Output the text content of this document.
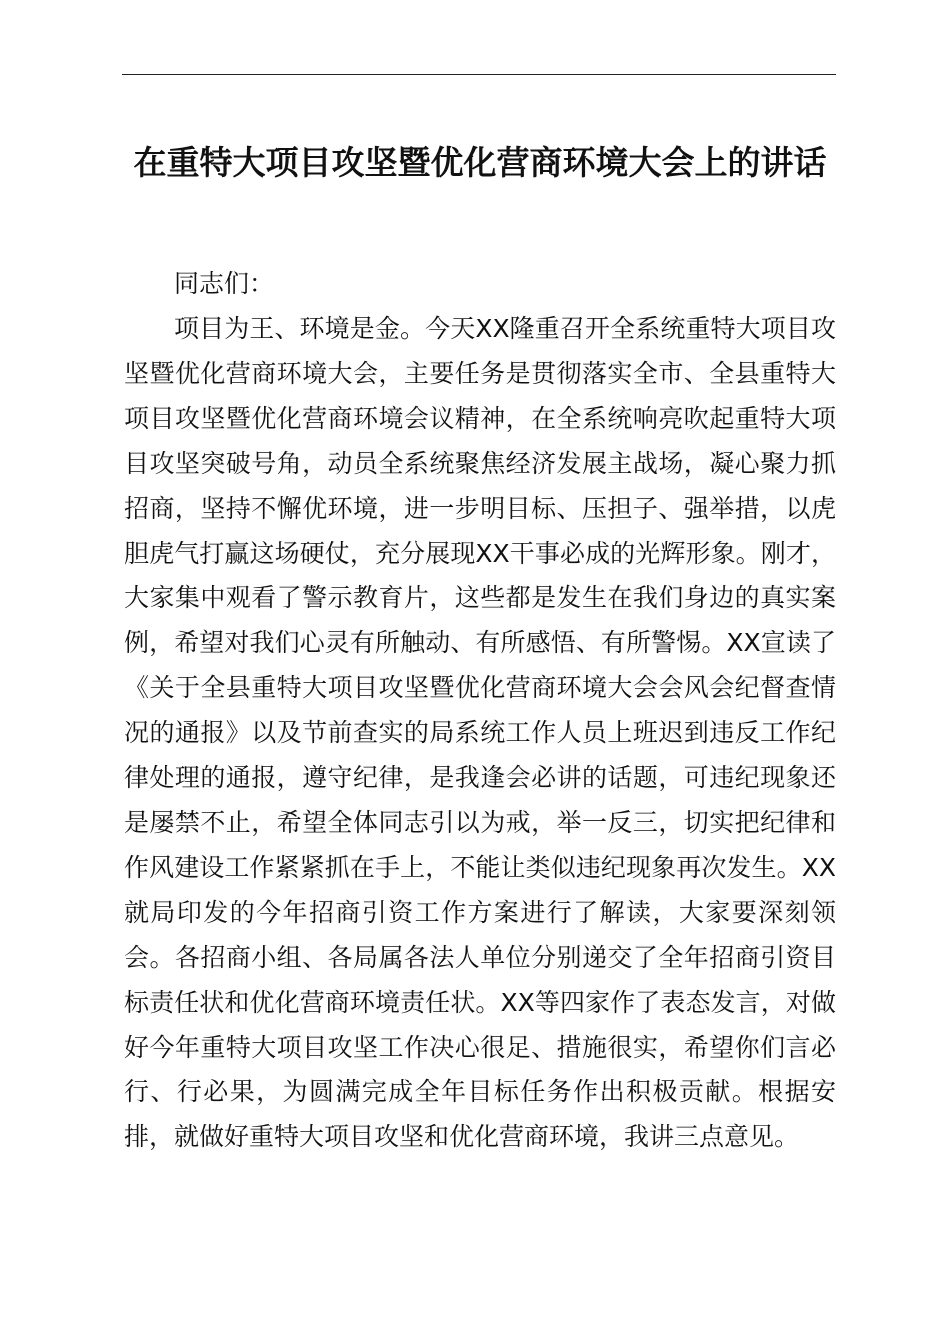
在重特大项目攻坚暨优化营商环境大会上的讲话

同志们：

项目为王、环境是金。今天XX隆重召开全系统重特大项目攻坚暨优化营商环境大会，主要任务是贯彻落实全市、全县重特大项目攻坚暨优化营商环境会议精神，在全系统响亮吹起重特大项目攻坚突破号角，动员全系统聚焦经济发展主战场，凝心聚力抓招商，坚持不懈优环境，进一步明目标、压担子、强举措，以虎胆虎气打赢这场硬仗，充分展现XX干事必成的光辉形象。刚才，大家集中观看了警示教育片，这些都是发生在我们身边的真实案例，希望对我们心灵有所触动、有所感悟、有所警惕。XX宣读了《关于全县重特大项目攻坚暨优化营商环境大会会风会纪督查情况的通报》以及节前查实的局系统工作人员上班迟到违反工作纪律处理的通报，遵守纪律，是我逢会必讲的话题，可违纪现象还是屡禁不止，希望全体同志引以为戒，举一反三，切实把纪律和作风建设工作紧紧抓在手上，不能让类似违纪现象再次发生。XX就局印发的今年招商引资工作方案进行了解读，大家要深刻领会。各招商小组、各局属各法人单位分别递交了全年招商引资目标责任状和优化营商环境责任状。XX等四家作了表态发言，对做好今年重特大项目攻坚工作决心很足、措施很实，希望你们言必行、行必果，为圆满完成全年目标任务作出积极贡献。根据安排，就做好重特大项目攻坚和优化营商环境，我讲三点意见。
